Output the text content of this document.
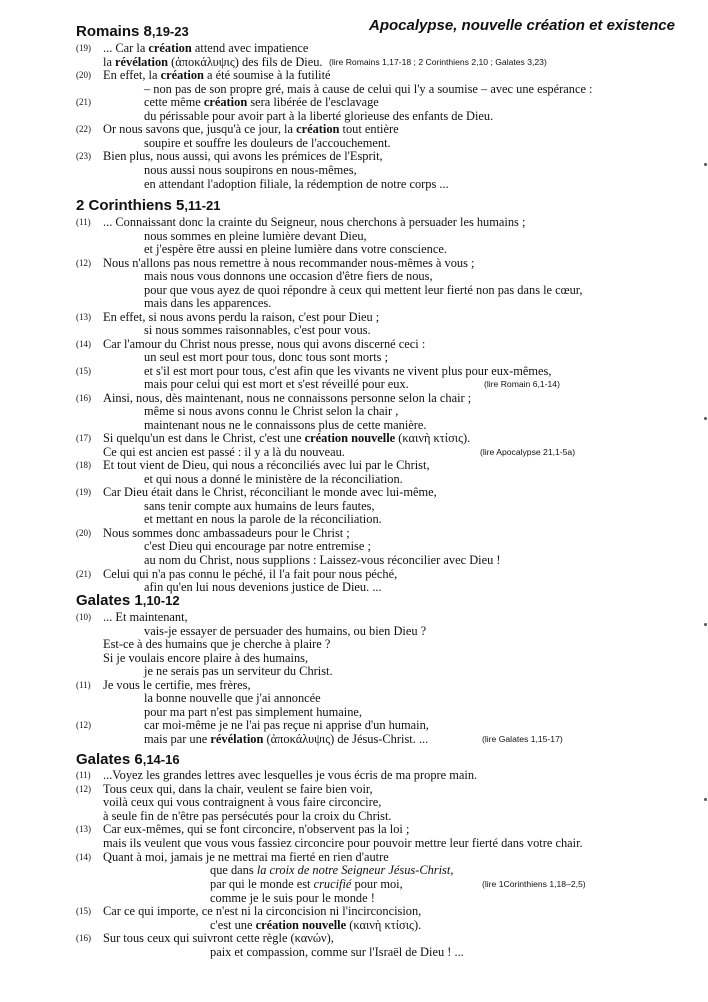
Apocalypse, nouvelle création et existence
Romains 8,19-23
(19) ... Car la création attend avec impatience
la révélation (ἀποκάλυψις) des fils de Dieu. (lire Romains 1,17-18 ; 2 Corinthiens 2,10 ; Galates 3,23)
(20) En effet, la création a été soumise à la futilité
– non pas de son propre gré, mais à cause de celui qui l'y a soumise – avec une espérance :
(21)	cette même création sera libérée de l'esclavage
du périssable pour avoir part à la liberté glorieuse des enfants de Dieu.
(22) Or nous savons que, jusqu'à ce jour, la création tout entière
soupire et souffre les douleurs de l'accouchement.
(23) Bien plus, nous aussi, qui avons les prémices de l'Esprit,
nous aussi nous soupirons en nous-mêmes,
en attendant l'adoption filiale, la rédemption de notre corps ...
2 Corinthiens 5,11-21
(11) ... Connaissant donc la crainte du Seigneur, nous cherchons à persuader les humains ;
nous sommes en pleine lumière devant Dieu,
et j'espère être aussi en pleine lumière dans votre conscience.
(12) Nous n'allons pas nous remettre à nous recommander nous-mêmes à vous ;
mais nous vous donnons une occasion d'être fiers de nous,
pour que vous ayez de quoi répondre à ceux qui mettent leur fierté non pas dans le cœur,
mais dans les apparences.
(13) En effet, si nous avons perdu la raison, c'est pour Dieu ;
si nous sommes raisonnables, c'est pour vous.
(14) Car l'amour du Christ nous presse, nous qui avons discerné ceci :
un seul est mort pour tous, donc tous sont morts ;
(15)	et s'il est mort pour tous, c'est afin que les vivants ne vivent plus pour eux-mêmes,
mais pour celui qui est mort et s'est réveillé pour eux.	(lire Romain 6,1-14)
(16) Ainsi, nous, dès maintenant, nous ne connaissons personne selon la chair ;
même si nous avons connu le Christ selon la chair ,
maintenant nous ne le connaissons plus de cette manière.
(17) Si quelqu'un est dans le Christ, c'est une création nouvelle (καινὴ κτίσις).
Ce qui est ancien est passé : il y a là du nouveau.	(lire Apocalypse 21,1-5a)
(18) Et tout vient de Dieu, qui nous a réconciliés avec lui par le Christ,
et qui nous a donné le ministère de la réconciliation.
(19) Car Dieu était dans le Christ, réconciliant le monde avec lui-même,
sans tenir compte aux humains de leurs fautes,
et mettant en nous la parole de la réconciliation.
(20) Nous sommes donc ambassadeurs pour le Christ ;
c'est Dieu qui encourage par notre entremise ;
au nom du Christ, nous supplions : Laissez-vous réconcilier avec Dieu !
(21) Celui qui n'a pas connu le péché, il l'a fait pour nous péché,
afin qu'en lui nous devenions justice de Dieu. ...
Galates 1,10-12
(10) ... Et maintenant,
vais-je essayer de persuader des humains, ou bien Dieu ?
Est-ce à des humains que je cherche à plaire ?
Si je voulais encore plaire à des humains,
je ne serais pas un serviteur du Christ.
(11) Je vous le certifie, mes frères,
la bonne nouvelle que j'ai annoncée
pour ma part n'est pas simplement humaine,
(12)	car moi-même je ne l'ai pas reçue ni apprise d'un humain,
mais par une révélation (ἀποκάλυψις) de Jésus-Christ. ...	(lire Galates 1,15-17)
Galates 6,14-16
(11) ...Voyez les grandes lettres avec lesquelles je vous écris de ma propre main.
(12) Tous ceux qui, dans la chair, veulent se faire bien voir,
voilà ceux qui vous contraignent à vous faire circoncire,
à seule fin de n'être pas persécutés pour la croix du Christ.
(13) Car eux-mêmes, qui se font circoncire, n'observent pas la loi ;
mais ils veulent que vous vous fassiez circoncire pour pouvoir mettre leur fierté dans votre chair.
(14) Quant à moi, jamais je ne mettrai ma fierté en rien d'autre
que dans la croix de notre Seigneur Jésus-Christ,
par qui le monde est crucifié pour moi,	(lire 1Corinthiens 1,18–2,5)
comme je le suis pour le monde !
(15) Car ce qui importe, ce n'est ni la circoncision ni l'incirconcision,
c'est une création nouvelle (καινὴ κτίσις).
(16) Sur tous ceux qui suivront cette règle (κανών),
paix et compassion, comme sur l'Israël de Dieu ! ...
